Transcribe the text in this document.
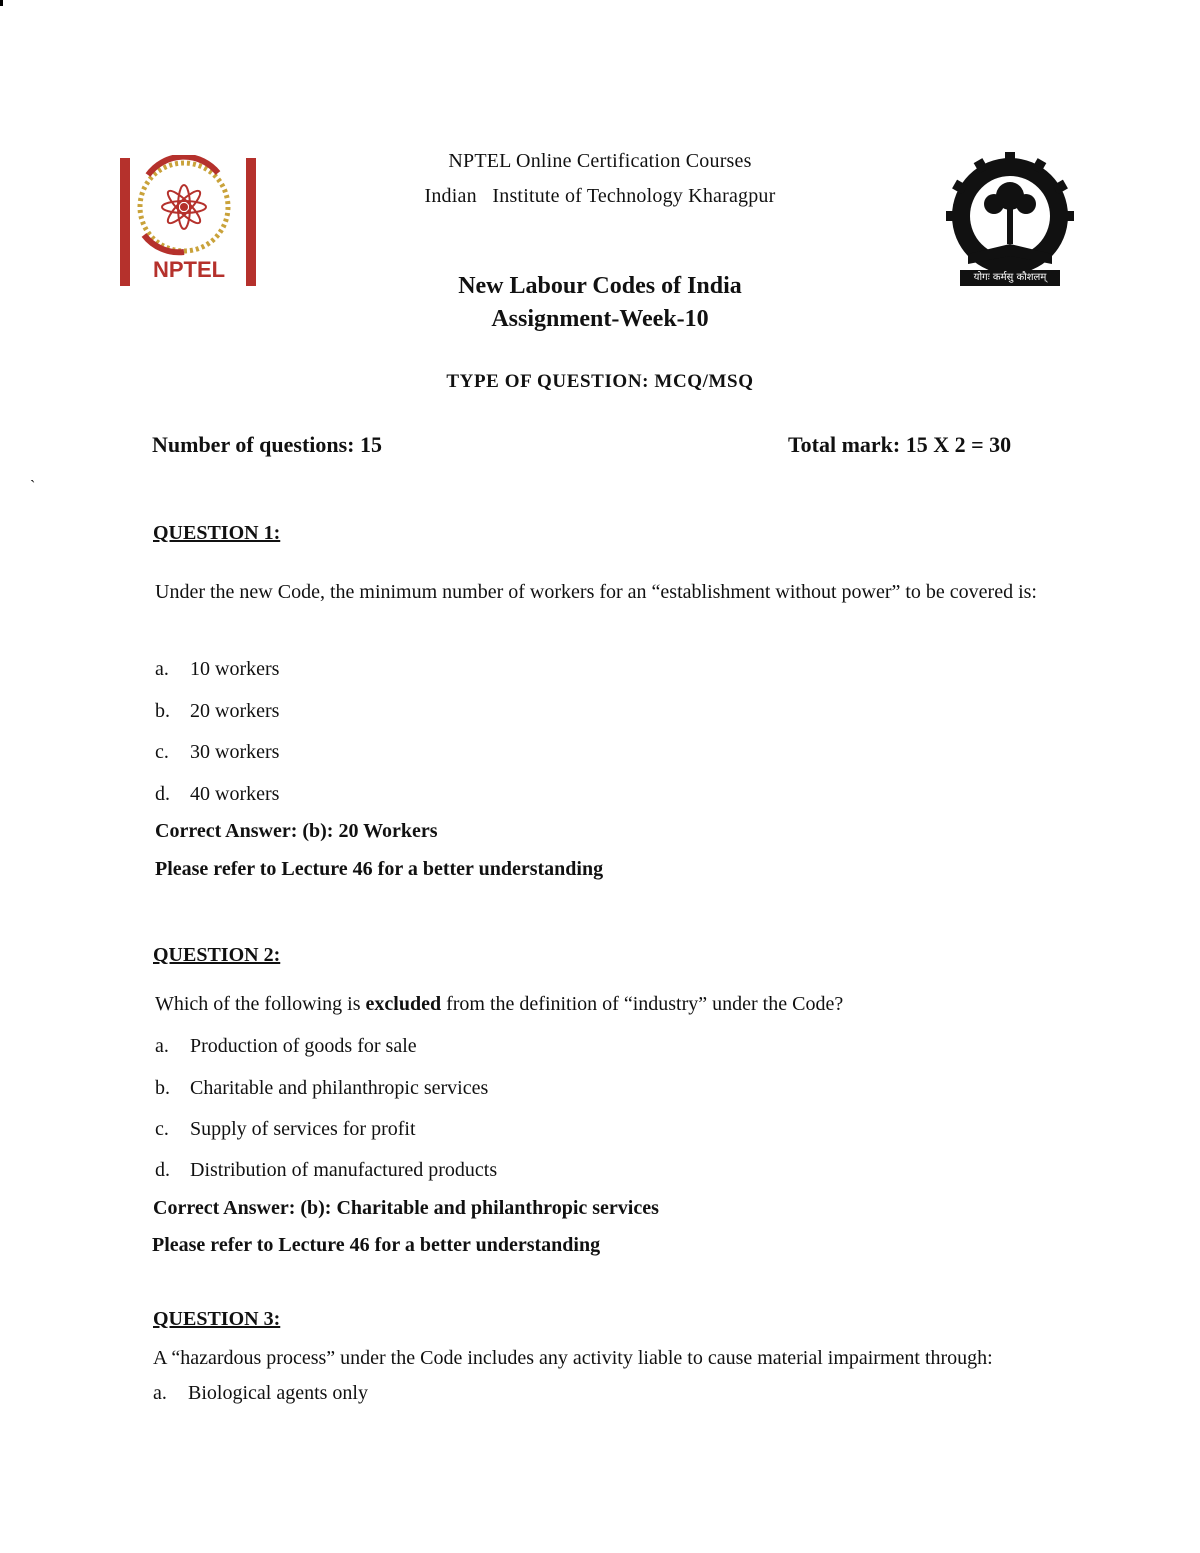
NPTEL
NPTEL Online Certification Courses
Indian   Institute of Technology Kharagpur
योगः कर्मसु कौशलम्
New Labour Codes of India
Assignment-Week-10
TYPE OF QUESTION: MCQ/MSQ
Number of questions: 15	Total mark: 15 X 2 = 30
`
QUESTION 1:
Under the new Code, the minimum number of workers for an “establishment without power” to be covered is:
a. 10 workers
b. 20 workers
c. 30 workers
d. 40 workers
Correct Answer: (b): 20 Workers
Please refer to Lecture 46 for a better understanding
QUESTION 2:
Which of the following is excluded from the definition of “industry” under the Code?
a. Production of goods for sale
b. Charitable and philanthropic services
c. Supply of services for profit
d. Distribution of manufactured products
Correct Answer: (b): Charitable and philanthropic services
Please refer to Lecture 46 for a better understanding
QUESTION 3:
A “hazardous process” under the Code includes any activity liable to cause material impairment through:
a. Biological agents only
